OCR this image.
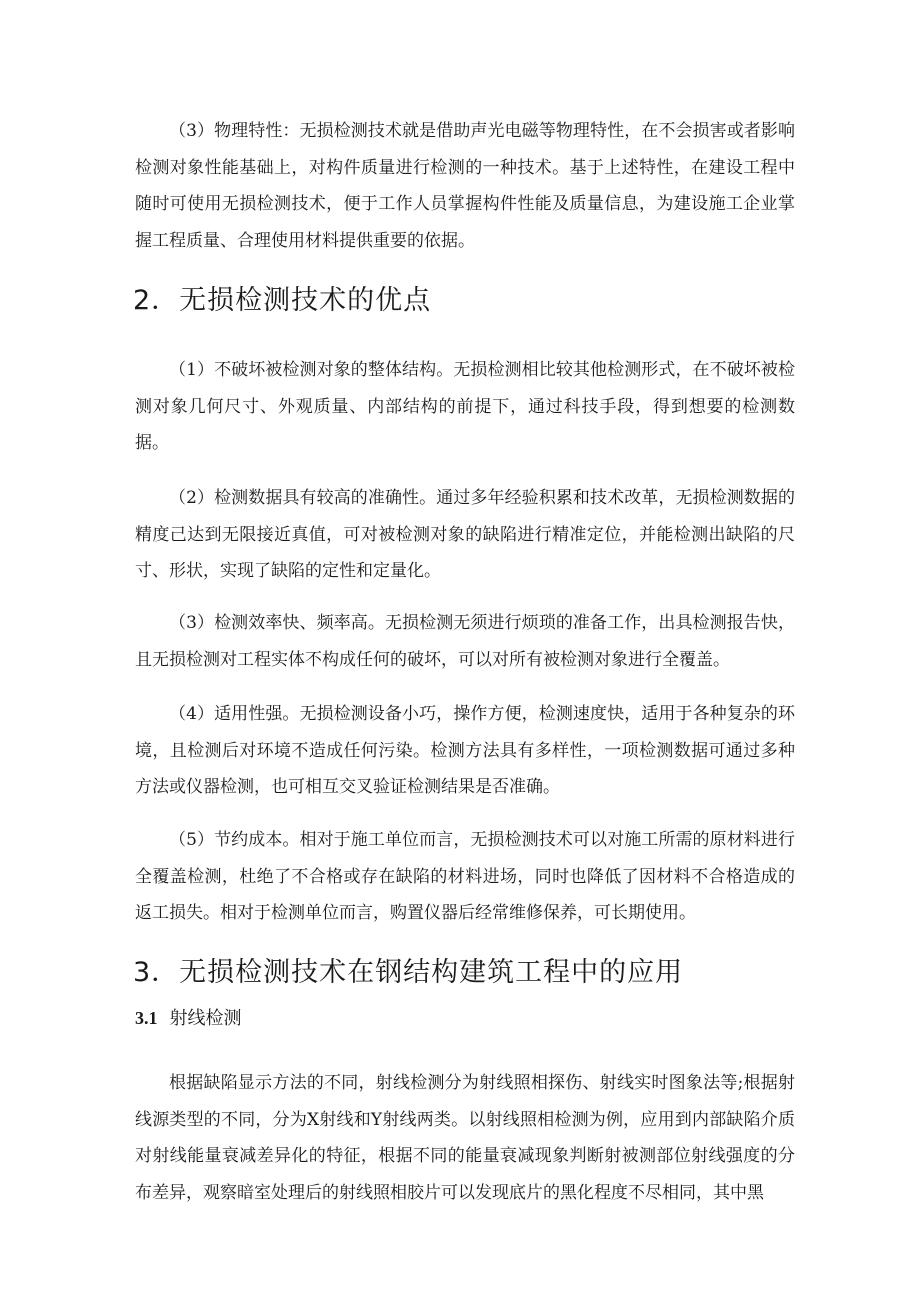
（3）物理特性：无损检测技术就是借助声光电磁等物理特性，在不会损害或者影响检测对象性能基础上，对构件质量进行检测的一种技术。基于上述特性，在建设工程中随时可使用无损检测技术，便于工作人员掌握构件性能及质量信息，为建设施工企业掌握工程质量、合理使用材料提供重要的依据。

2．无损检测技术的优点

（1）不破坏被检测对象的整体结构。无损检测相比较其他检测形式，在不破坏被检测对象几何尺寸、外观质量、内部结构的前提下，通过科技手段，得到想要的检测数据。

（2）检测数据具有较高的准确性。通过多年经验积累和技术改革，无损检测数据的精度己达到无限接近真值，可对被检测对象的缺陷进行精准定位，并能检测出缺陷的尺寸、形状，实现了缺陷的定性和定量化。

（3）检测效率快、频率高。无损检测无须进行烦琐的准备工作，出具检测报告快，且无损检测对工程实体不构成任何的破坏，可以对所有被检测对象进行全覆盖。

（4）适用性强。无损检测设备小巧，操作方便，检测速度快，适用于各种复杂的环境，且检测后对环境不造成任何污染。检测方法具有多样性，一项检测数据可通过多种方法或仪器检测，也可相互交叉验证检测结果是否准确。

（5）节约成本。相对于施工单位而言，无损检测技术可以对施工所需的原材料进行全覆盖检测，杜绝了不合格或存在缺陷的材料进场，同时也降低了因材料不合格造成的返工损失。相对于检测单位而言，购置仪器后经常维修保养，可长期使用。

3．无损检测技术在钢结构建筑工程中的应用
3.1 射线检测

根据缺陷显示方法的不同，射线检测分为射线照相探伤、射线实时图象法等;根据射线源类型的不同，分为X射线和Y射线两类。以射线照相检测为例，应用到内部缺陷介质对射线能量衰减差异化的特征，根据不同的能量衰减现象判断射被测部位射线强度的分布差异，观察暗室处理后的射线照相胶片可以发现底片的黑化程度不尽相同，其中黑
